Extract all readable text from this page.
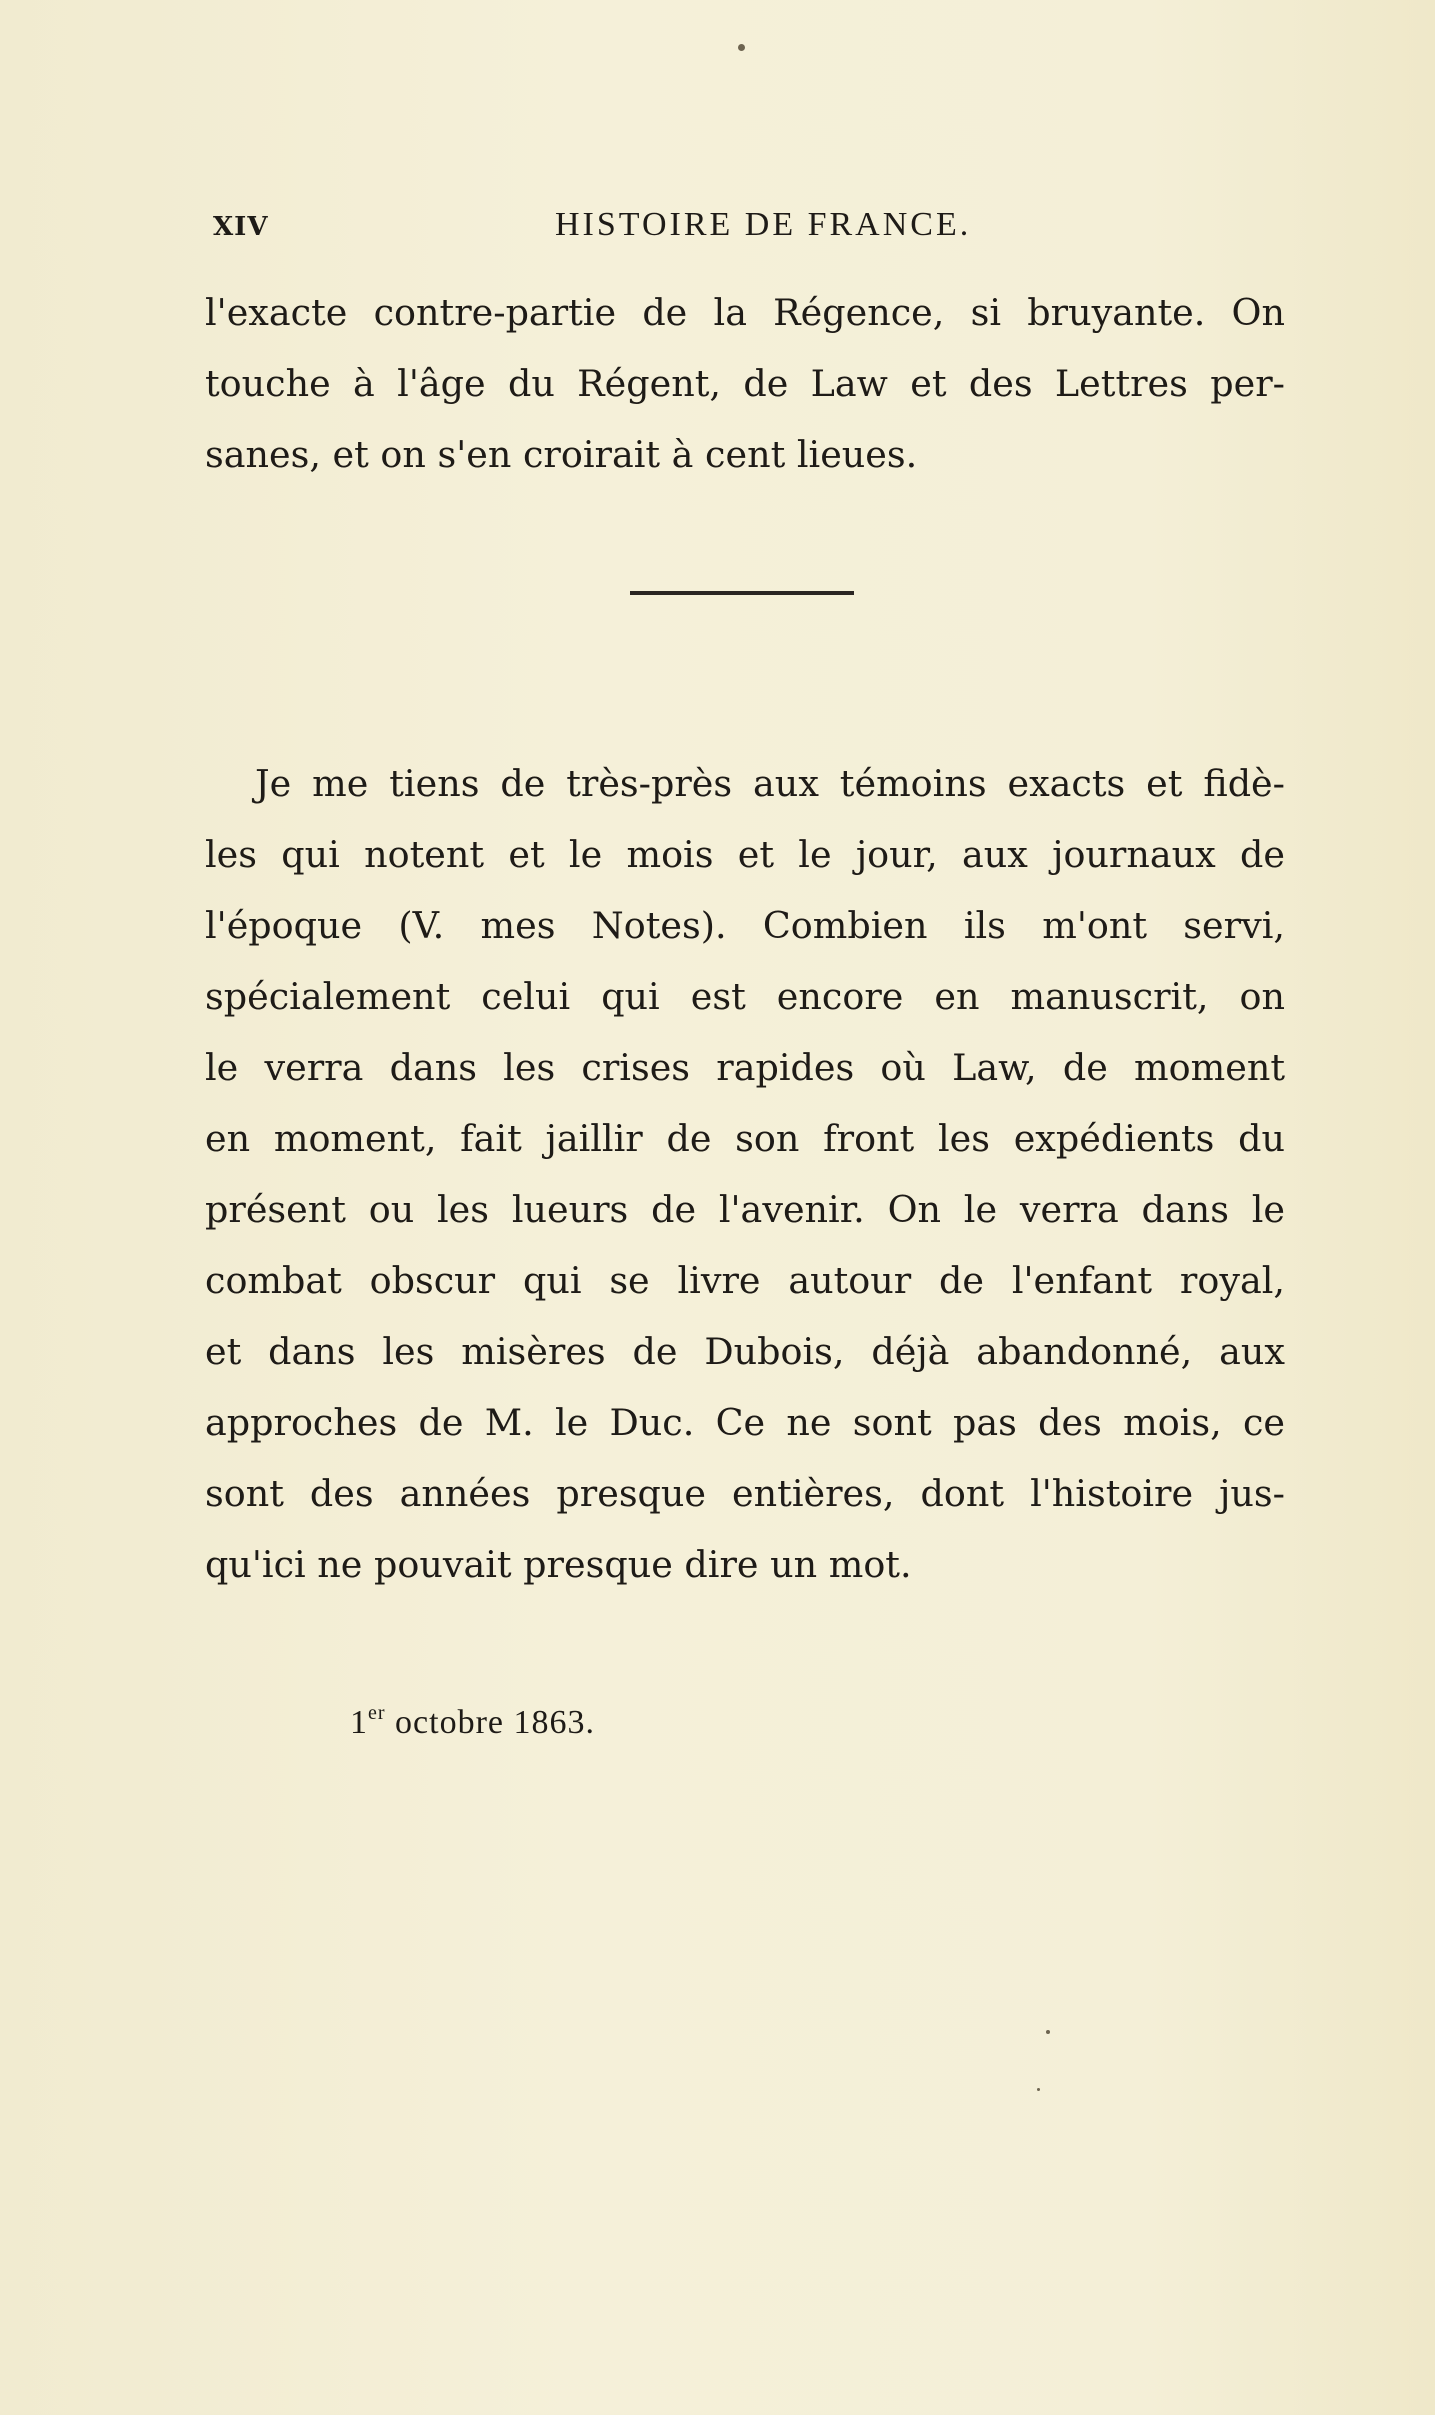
XIV	HISTOIRE DE FRANCE.
l'exacte contre-partie de la Régence, si bruyante. On
touche à l'âge du Régent, de Law et des Lettres per-
sanes, et on s'en croirait à cent lieues.
Je me tiens de très-près aux témoins exacts et fidè-
les qui notent et le mois et le jour, aux journaux de
l'époque (V. mes Notes). Combien ils m'ont servi,
spécialement celui qui est encore en manuscrit, on
le verra dans les crises rapides où Law, de moment
en moment, fait jaillir de son front les expédients du
présent ou les lueurs de l'avenir. On le verra dans le
combat obscur qui se livre autour de l'enfant royal,
et dans les misères de Dubois, déjà abandonné, aux
approches de M. le Duc. Ce ne sont pas des mois, ce
sont des années presque entières, dont l'histoire jus-
qu'ici ne pouvait presque dire un mot.
1er octobre 1863.
